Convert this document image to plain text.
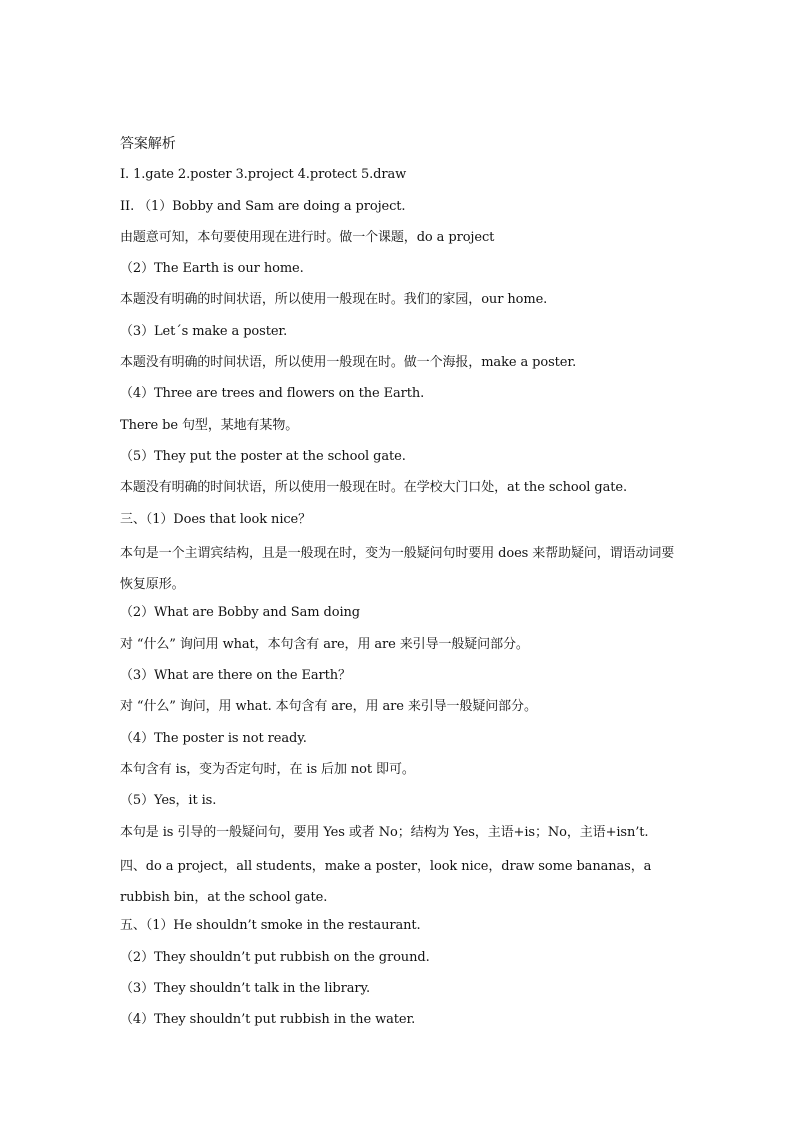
答案解析
I. 1.gate 2.poster 3.project 4.protect 5.draw
II. （1）Bobby and Sam are doing a project.
由题意可知，本句要使用现在进行时。做一个课题，do a project
（2）The Earth is our home.
本题没有明确的时间状语，所以使用一般现在时。我们的家园，our home.
（3）Let´s make a poster.
本题没有明确的时间状语，所以使用一般现在时。做一个海报，make a poster.
（4）Three are trees and flowers on the Earth.
There be 句型，某地有某物。
（5）They put the poster at the school gate.
本题没有明确的时间状语，所以使用一般现在时。在学校大门口处，at the school gate.
三、（1）Does that look nice？
本句是一个主谓宾结构，且是一般现在时，变为一般疑问句时要用 does 来帮助疑问，谓语动词要恢复原形。
（2）What are Bobby and Sam doing
对 “什么” 询问用 what，本句含有 are，用 are 来引导一般疑问部分。
（3）What are there on the Earth？
对 “什么” 询问，用 what. 本句含有 are，用 are 来引导一般疑问部分。
（4）The poster is not ready.
本句含有 is，变为否定句时，在 is 后加 not 即可。
（5）Yes，it is.
本句是 is 引导的一般疑问句，要用 Yes 或者 No；结构为 Yes，主语+is；No，主语+isn’t.
四、do a project，all students，make a poster，look nice，draw some bananas，a rubbish bin，at the school gate.
五、（1）He shouldn’t smoke in the restaurant.
（2）They shouldn’t put rubbish on the ground.
（3）They shouldn’t talk in the library.
（4）They shouldn’t put rubbish in the water.
